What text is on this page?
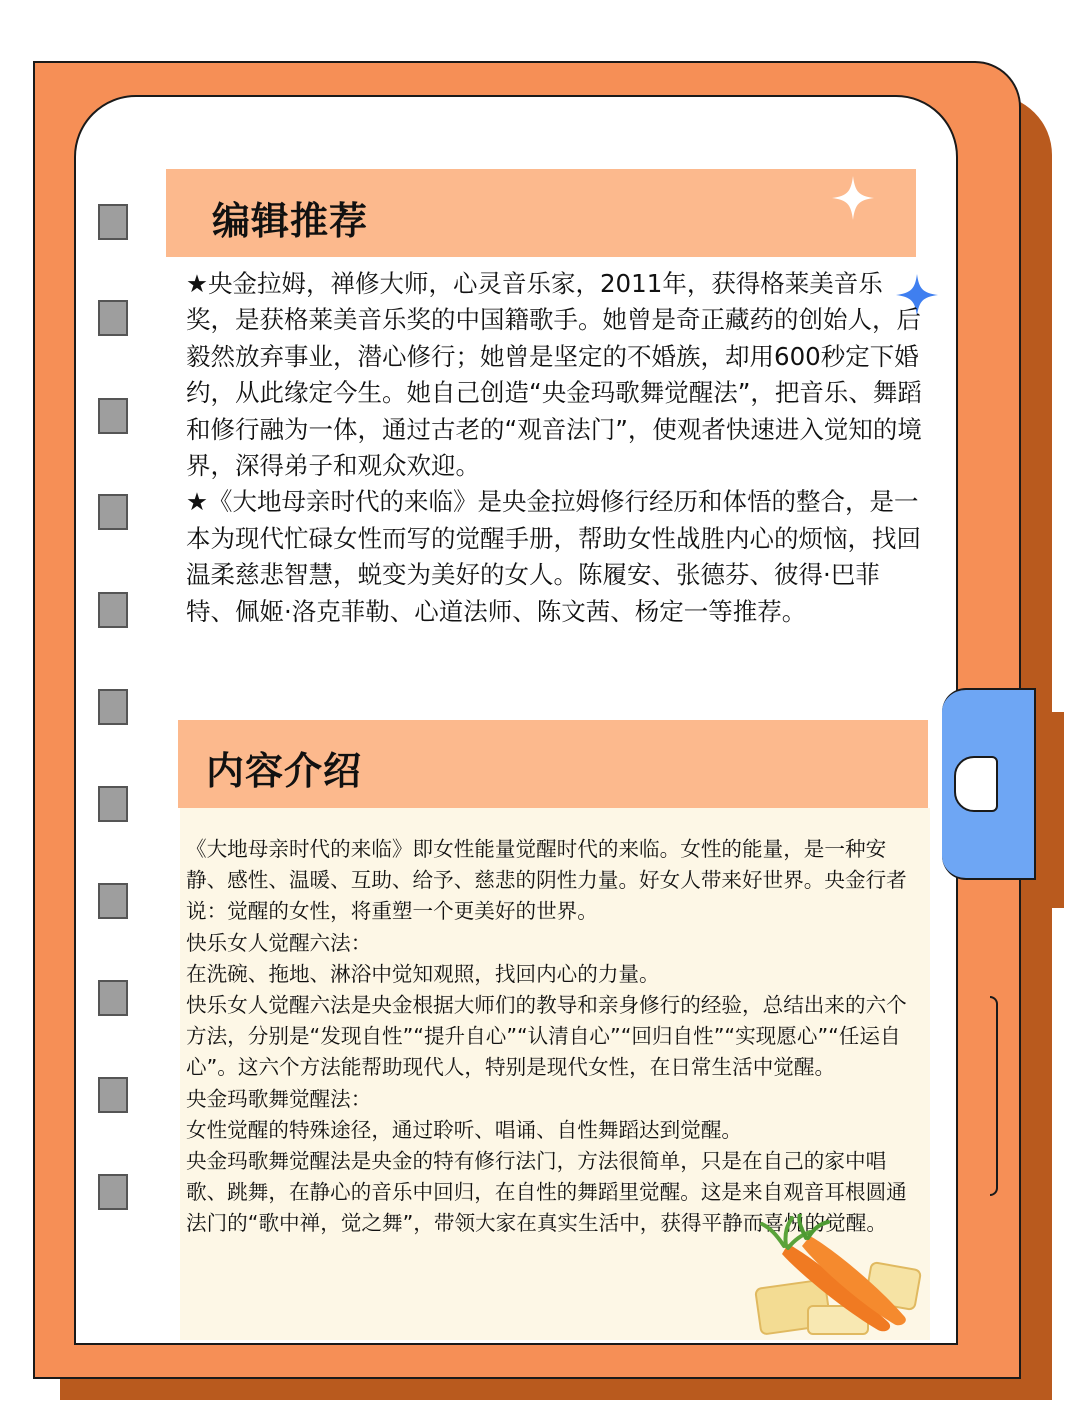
编辑推荐

★央金拉姆，禅修大师，心灵音乐家，2011年，获得格莱美音乐奖，是获格莱美音乐奖的中国籍歌手。她曾是奇正藏药的创始人，后毅然放弃事业，潜心修行；她曾是坚定的不婚族，却用600秒定下婚约，从此缘定今生。她自己创造“央金玛歌舞觉醒法”，把音乐、舞蹈和修行融为一体，通过古老的“观音法门”，使观者快速进入觉知的境界，深得弟子和观众欢迎。

★《大地母亲时代的来临》是央金拉姆修行经历和体悟的整合，是一本为现代忙碌女性而写的觉醒手册，帮助女性战胜内心的烦恼，找回温柔慈悲智慧，蜕变为美好的女人。陈履安、张德芬、彼得·巴菲特、佩姬·洛克菲勒、心道法师、陈文茜、杨定一等推荐。

内容介绍

《大地母亲时代的来临》即女性能量觉醒时代的来临。女性的能量，是一种安静、感性、温暖、互助、给予、慈悲的阴性力量。好女人带来好世界。央金行者说：觉醒的女性，将重塑一个更美好的世界。

快乐女人觉醒六法：

在洗碗、拖地、淋浴中觉知观照，找回内心的力量。

快乐女人觉醒六法是央金根据大师们的教导和亲身修行的经验，总结出来的六个方法，分别是“发现自性”“提升自心”“认清自心”“回归自性”“实现愿心”“任运自心”。这六个方法能帮助现代人，特别是现代女性，在日常生活中觉醒。

央金玛歌舞觉醒法：

女性觉醒的特殊途径，通过聆听、唱诵、自性舞蹈达到觉醒。

央金玛歌舞觉醒法是央金的特有修行法门，方法很简单，只是在自己的家中唱歌、跳舞，在静心的音乐中回归，在自性的舞蹈里觉醒。这是来自观音耳根圆通法门的“歌中禅，觉之舞”，带领大家在真实生活中，获得平静而喜悦的觉醒。
